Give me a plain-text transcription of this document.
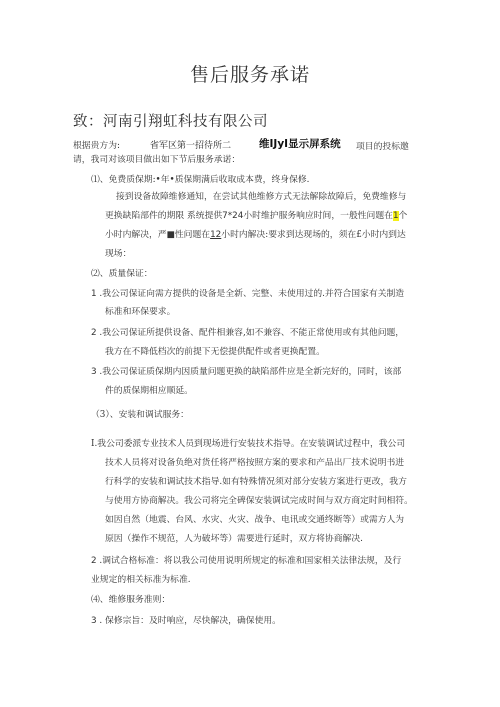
售后服务承诺
致：河南引翔虹科技有限公司
根据贵方为:	省军区第一招待所二	维IJyI显示屏系统 项目的投标邀
请，我司对该项目做出如下节后服务承诺：
⑴、免费质保期:•年•质保期满后收取成本费，终身保修.
接到设备故障维修通知，在尝试其他维修方式无法解除故障后，免费维修与
更换缺陷部件的期限 系统提供7*24小时维护服务响应时间，一般性问题在1个
小时内解决，严■性问题在12小时内解决:要求到达现场的，须在£小时内到达
现场：
⑵、质量保证：
1 .我公司保证向需方提供的设备是全新、完整、未使用过的.并符合国家有关制造
标准和环保要求。
2 .我公司保证所提供设备、配件相兼容,如不兼容、不能正常使用或有其他问题，
我方在不降低档次的前提下无偿提供配件或者更换配置。
3 .我公司保证质保期内因质量问题更换的缺陷部件应是全新完好的，同时，该部
件的质保期相应顺延。
（3）、安装和调试服务：
I.我公司委派专业技术人员到现场进行安装技术指导。在安装调试过程中，我公司
技术人员将对设备负绝对货任将严格按照方案的要求和产品出厂技术说明书进
行科学的安装和调试技术指导.如有特殊情况须对部分安装方案进行更改，我方
与使用方协商解决。我公司将完全碑保安装调试完成时间与双方商定时间相符。
如因自然（地震、台风、水灾、火灾、战争、电讯或交通终断等）或需方人为
原因（操作不规范，人为破坏等）需要进行延时，双方将协商解决.
2 .调试合格标准：将以我公司使用说明所规定的标准和国家相关法律法规，及行
业规定的相关标准为标准.
⑷、维修服务准则：
3 . 保修宗旨：及时响应，尽快解决，确保使用。
